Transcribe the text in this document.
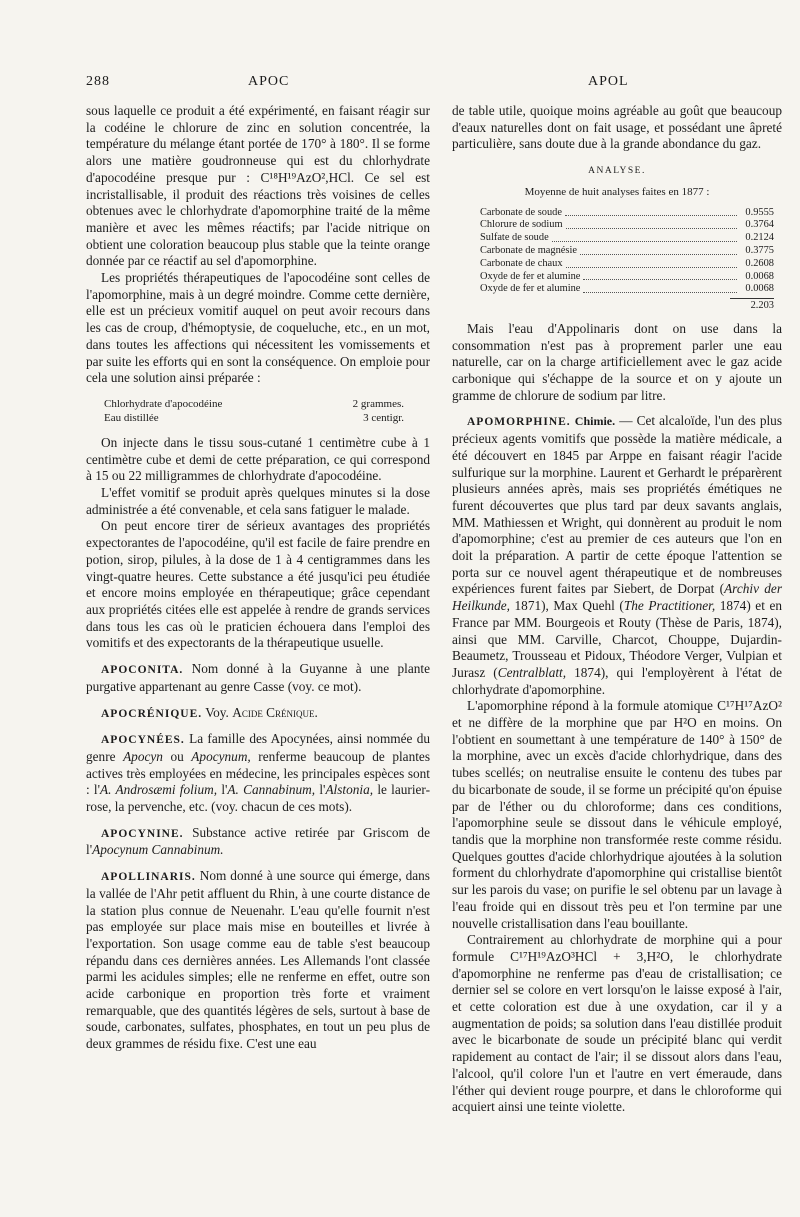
288	APOC	APOL

sous laquelle ce produit a été expérimenté, en faisant réagir sur la codéine le chlorure de zinc en solution concentrée, la température du mélange étant portée de 170° à 180°. Il se forme alors une matière goudronneuse qui est du chlorhydrate d'apocodéine presque pur : C¹⁸H¹⁹AzO²,HCl. Ce sel est incristallisable, il produit des réactions très voisines de celles obtenues avec le chlorhydrate d'apomorphine traité de la même manière et avec les mêmes réactifs; par l'acide nitrique on obtient une coloration beaucoup plus stable que la teinte orange donnée par ce réactif au sel d'apomorphine.

Les propriétés thérapeutiques de l'apocodéine sont celles de l'apomorphine, mais à un degré moindre. Comme cette dernière, elle est un précieux vomitif auquel on peut avoir recours dans les cas de croup, d'hémoptysie, de coqueluche, etc., en un mot, dans toutes les affections qui nécessitent les vomissements et par suite les efforts qui en sont la conséquence. On emploie pour cela une solution ainsi préparée :

Chlorhydrate d'apocodéine	2 grammes.
Eau distillée	3 centigr.

On injecte dans le tissu sous-cutané 1 centimètre cube à 1 centimètre cube et demi de cette préparation, ce qui correspond à 15 ou 22 milligrammes de chlorhydrate d'apocodéine.

L'effet vomitif se produit après quelques minutes si la dose administrée a été convenable, et cela sans fatiguer le malade.

On peut encore tirer de sérieux avantages des propriétés expectorantes de l'apocodéine, qu'il est facile de faire prendre en potion, sirop, pilules, à la dose de 1 à 4 centigrammes dans les vingt-quatre heures. Cette substance a été jusqu'ici peu étudiée et encore moins employée en thérapeutique; grâce cependant aux propriétés citées elle est appelée à rendre de grands services dans tous les cas où le praticien échouera dans l'emploi des vomitifs et des expectorants de la thérapeutique usuelle.

APOCONITA. Nom donné à la Guyanne à une plante purgative appartenant au genre Casse (voy. ce mot).

APOCRÉNIQUE. Voy. Acide Crénique.

APOCYNÉES. La famille des Apocynées, ainsi nommée du genre Apocyn ou Apocynum, renferme beaucoup de plantes actives très employées en médecine, les principales espèces sont : l'A. Androsæmi folium, l'A. Cannabinum, l'Alstonia, le laurier-rose, la pervenche, etc. (voy. chacun de ces mots).

APOCYNINE. Substance active retirée par Griscom de l'Apocynum Cannabinum.

APOLLINARIS. Nom donné à une source qui émerge, dans la vallée de l'Ahr petit affluent du Rhin, à une courte distance de la station plus connue de Neuenahr. L'eau qu'elle fournit n'est pas employée sur place mais mise en bouteilles et livrée à l'exportation. Son usage comme eau de table s'est beaucoup répandu dans ces dernières années. Les Allemands l'ont classée parmi les acidules simples; elle ne renferme en effet, outre son acide carbonique en proportion très forte et vraiment remarquable, que des quantités légères de sels, surtout à base de soude, carbonates, sulfates, phosphates, en tout un peu plus de deux grammes de résidu fixe. C'est une eau

de table utile, quoique moins agréable au goût que beaucoup d'eaux naturelles dont on fait usage, et possédant une âpreté particulière, sans doute due à la grande abondance du gaz.

ANALYSE.
Moyenne de huit analyses faites en 1877 :
Carbonate de soude	0.9555
Chlorure de sodium	0.3764
Sulfate de soude	0.2124
Carbonate de magnésie	0.3775
Carbonate de chaux	0.2608
Oxyde de fer et alumine	0.0068
Oxyde de fer et alumine	0.0068
2.203

Mais l'eau d'Appolinaris dont on use dans la consommation n'est pas à proprement parler une eau naturelle, car on la charge artificiellement avec le gaz acide carbonique qui s'échappe de la source et on y ajoute un gramme de chlorure de sodium par litre.

APOMORPHINE. Chimie. — Cet alcaloïde, l'un des plus précieux agents vomitifs que possède la matière médicale, a été découvert en 1845 par Arppe en faisant réagir l'acide sulfurique sur la morphine. Laurent et Gerhardt le préparèrent plusieurs années après, mais ses propriétés émétiques ne furent découvertes que plus tard par deux savants anglais, MM. Mathiessen et Wright, qui donnèrent au produit le nom d'apomorphine; c'est au premier de ces auteurs que l'on en doit la préparation. A partir de cette époque l'attention se porta sur ce nouvel agent thérapeutique et de nombreuses expériences furent faites par Siebert, de Dorpat (Archiv der Heilkunde, 1871), Max Quehl (The Practitioner, 1874) et en France par MM. Bourgeois et Routy (Thèse de Paris, 1874), ainsi que MM. Carville, Charcot, Chouppe, Dujardin-Beaumetz, Trousseau et Pidoux, Théodore Verger, Vulpian et Jurasz (Centralblatt, 1874), qui l'employèrent à l'état de chlorhydrate d'apomorphine.

L'apomorphine répond à la formule atomique C¹⁷H¹⁷AzO² et ne diffère de la morphine que par H²O en moins. On l'obtient en soumettant à une température de 140° à 150° de la morphine, avec un excès d'acide chlorhydrique, dans des tubes scellés; on neutralise ensuite le contenu des tubes par du bicarbonate de soude, il se forme un précipité qu'on épuise par de l'éther ou du chloroforme; dans ces conditions, l'apomorphine seule se dissout dans le véhicule employé, tandis que la morphine non transformée reste comme résidu. Quelques gouttes d'acide chlorhydrique ajoutées à la solution forment du chlorhydrate d'apomorphine qui cristallise bientôt sur les parois du vase; on purifie le sel obtenu par un lavage à l'eau froide qui en dissout très peu et l'on termine par une nouvelle cristallisation dans l'eau bouillante.

Contrairement au chlorhydrate de morphine qui a pour formule C¹⁷H¹⁹AzO³HCl + 3,H²O, le chlorhydrate d'apomorphine ne renferme pas d'eau de cristallisation; ce dernier sel se colore en vert lorsqu'on le laisse exposé à l'air, et cette coloration est due à une oxydation, car il y a augmentation de poids; sa solution dans l'eau distillée produit avec le bicarbonate de soude un précipité blanc qui verdit rapidement au contact de l'air; il se dissout alors dans l'eau, l'alcool, qu'il colore l'un et l'autre en vert émeraude, dans l'éther qui devient rouge pourpre, et dans le chloroforme qui acquiert ainsi une teinte violette.
